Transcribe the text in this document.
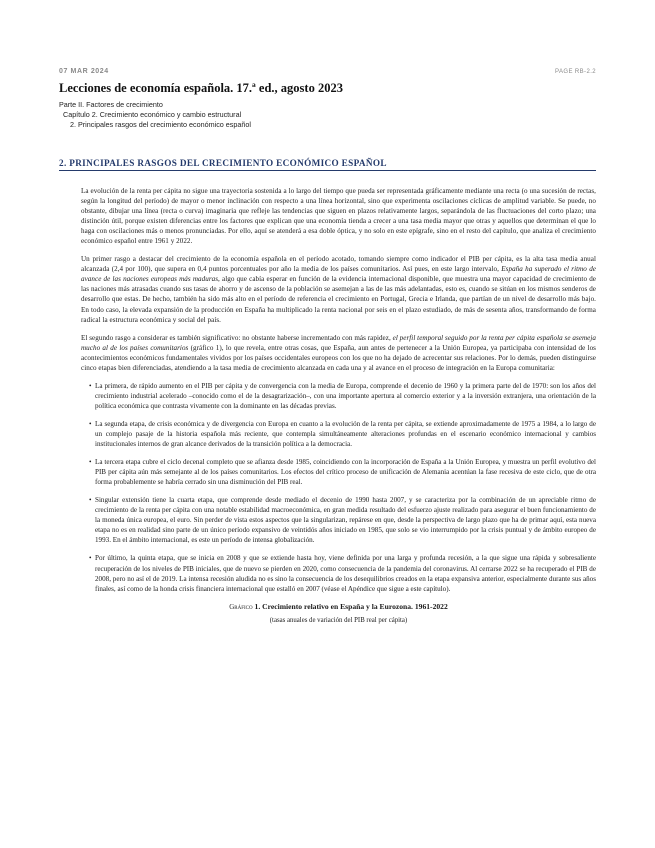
07 MAR 2024	PAGE RB-2.2
Lecciones de economía española. 17.ª ed., agosto 2023
Parte II. Factores de crecimiento
Capítulo 2. Crecimiento económico y cambio estructural
2. Principales rasgos del crecimiento económico español
2. PRINCIPALES RASGOS DEL CRECIMIENTO ECONÓMICO ESPAÑOL

La evolución de la renta per cápita no sigue una trayectoria sostenida a lo largo del tiempo que pueda ser representada gráficamente mediante una recta (o una sucesión de rectas, según la longitud del período) de mayor o menor inclinación con respecto a una línea horizontal, sino que experimenta oscilaciones cíclicas de amplitud variable. Se puede, no obstante, dibujar una línea (recta o curva) imaginaria que refleje las tendencias que siguen en plazos relativamente largos, separándola de las fluctuaciones del corto plazo; una distinción útil, porque existen diferencias entre los factores que explican que una economía tienda a crecer a una tasa media mayor que otras y aquellos que determinan el que lo haga con oscilaciones más o menos pronunciadas. Por ello, aquí se atenderá a esa doble óptica, y no solo en este epígrafe, sino en el resto del capítulo, que analiza el crecimiento económico español entre 1961 y 2022.

Un primer rasgo a destacar del crecimiento de la economía española en el período acotado, tomando siempre como indicador el PIB per cápita, es la alta tasa media anual alcanzada (2,4 por 100), que supera en 0,4 puntos porcentuales por año la media de los países comunitarios. Así pues, en este largo intervalo, España ha superado el ritmo de avance de las naciones europeas más maduras, algo que cabía esperar en función de la evidencia internacional disponible, que muestra una mayor capacidad de crecimiento de las naciones más atrasadas cuando sus tasas de ahorro y de ascenso de la población se asemejan a las de las más adelantadas, esto es, cuando se sitúan en los mismos senderos de desarrollo que estas. De hecho, también ha sido más alto en el período de referencia el crecimiento en Portugal, Grecia e Irlanda, que partían de un nivel de desarrollo más bajo. En todo caso, la elevada expansión de la producción en España ha multiplicado la renta nacional por seis en el plazo estudiado, de más de sesenta años, transformando de forma radical la estructura económica y social del país.

El segundo rasgo a considerar es también significativo: no obstante haberse incrementado con más rapidez, el perfil temporal seguido por la renta per cápita española se asemeja mucho al de los países comunitarios (gráfico 1), lo que revela, entre otras cosas, que España, aun antes de pertenecer a la Unión Europea, ya participaba con intensidad de los acontecimientos económicos fundamentales vividos por los países occidentales europeos con los que no ha dejado de acrecentar sus relaciones. Por lo demás, pueden distinguirse cinco etapas bien diferenciadas, atendiendo a la tasa media de crecimiento alcanzada en cada una y al avance en el proceso de integración en la Europa comunitaria:

• La primera, de rápido aumento en el PIB per cápita y de convergencia con la media de Europa, comprende el decenio de 1960 y la primera parte del de 1970: son los años del crecimiento industrial acelerado –conocido como el de la desagrarización–, con una importante apertura al comercio exterior y a la inversión extranjera, una orientación de la política económica que contrasta vivamente con la dominante en las décadas previas.
• La segunda etapa, de crisis económica y de divergencia con Europa en cuanto a la evolución de la renta per cápita, se extiende aproximadamente de 1975 a 1984, a lo largo de un complejo pasaje de la historia española más reciente, que contempla simultáneamente alteraciones profundas en el escenario económico internacional y cambios institucionales internos de gran alcance derivados de la transición política a la democracia.
• La tercera etapa cubre el ciclo decenal completo que se afianza desde 1985, coincidiendo con la incorporación de España a la Unión Europea, y muestra un perfil evolutivo del PIB per cápita aún más semejante al de los países comunitarios. Los efectos del crítico proceso de unificación de Alemania acentúan la fase recesiva de este ciclo, que de otra forma probablemente se habría cerrado sin una disminución del PIB real.
• Singular extensión tiene la cuarta etapa, que comprende desde mediado el decenio de 1990 hasta 2007, y se caracteriza por la combinación de un apreciable ritmo de crecimiento de la renta per cápita con una notable estabilidad macroeconómica, en gran medida resultado del esfuerzo ajuste realizado para asegurar el buen funcionamiento de la moneda única europea, el euro. Sin perder de vista estos aspectos que la singularizan, repárese en que, desde la perspectiva de largo plazo que ha de primar aquí, esta nueva etapa no es en realidad sino parte de un único período expansivo de veintidós años iniciado en 1985, que solo se vio interrumpido por la crisis puntual y de ámbito europeo de 1993. En el ámbito internacional, es este un período de intensa globalización.
• Por último, la quinta etapa, que se inicia en 2008 y que se extiende hasta hoy, viene definida por una larga y profunda recesión, a la que sigue una rápida y sobresaliente recuperación de los niveles de PIB iniciales, que de nuevo se pierden en 2020, como consecuencia de la pandemia del coronavirus. Al cerrarse 2022 se ha recuperado el PIB de 2008, pero no así el de 2019. La intensa recesión aludida no es sino la consecuencia de los desequilibrios creados en la etapa expansiva anterior, especialmente durante sus años finales, así como de la honda crisis financiera internacional que estalló en 2007 (véase el Apéndice que sigue a este capítulo).
Gráfico 1. Crecimiento relativo en España y la Eurozona. 1961-2022
(tasas anuales de variación del PIB real per cápita)
